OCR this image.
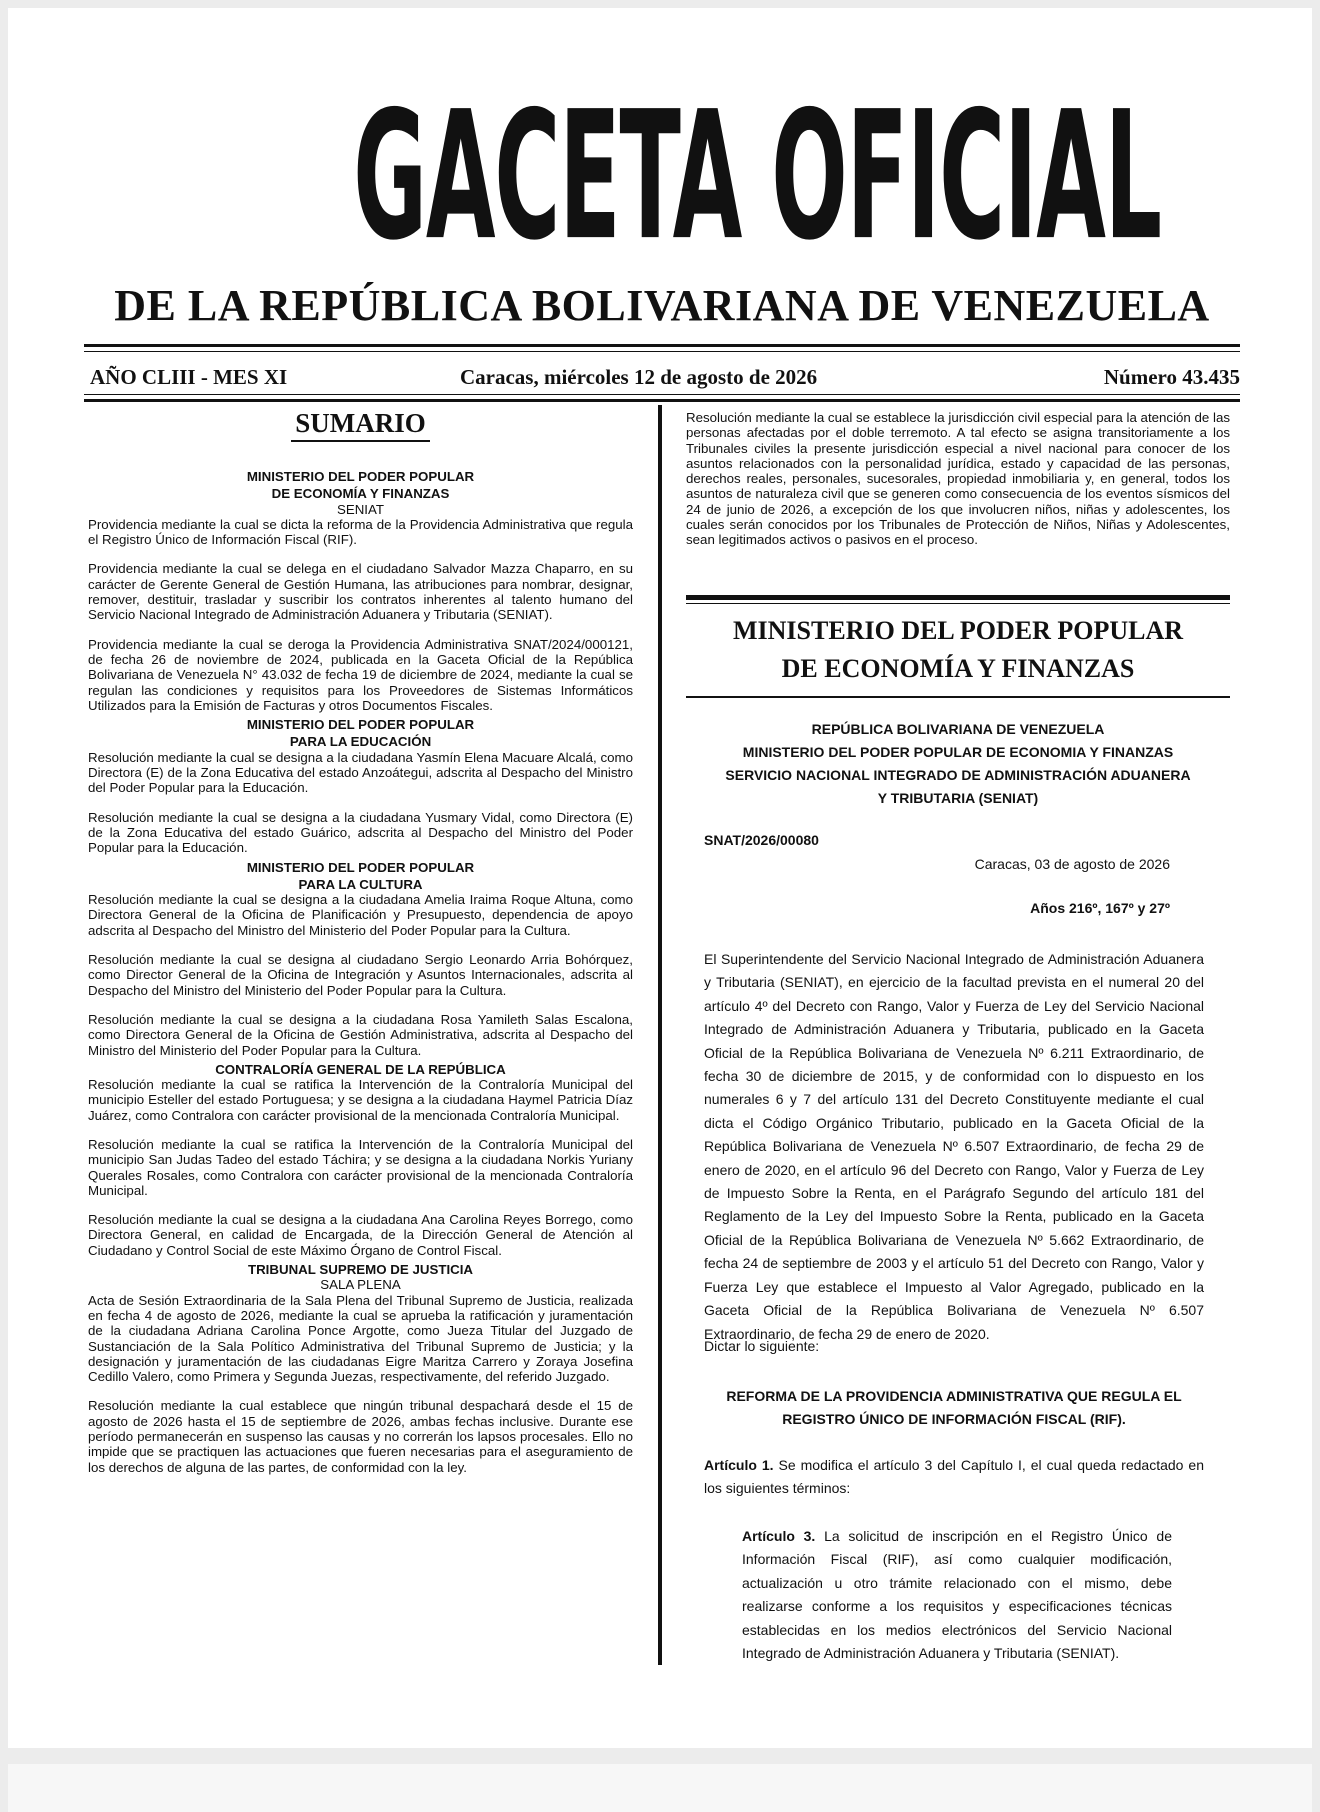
GACETA OFICIAL
DE LA REPÚBLICA BOLIVARIANA DE VENEZUELA
AÑO CLIII - MES XI	Caracas, miércoles 12 de agosto de 2026	Número 43.435
SUMARIO
MINISTERIO DEL PODER POPULAR
DE ECONOMÍA Y FINANZAS
SENIAT

Providencia mediante la cual se dicta la reforma de la Providencia Administrativa que regula el Registro Único de Información Fiscal (RIF).

Providencia mediante la cual se delega en el ciudadano Salvador Mazza Chaparro, en su carácter de Gerente General de Gestión Humana, las atribuciones para nombrar, designar, remover, destituir, trasladar y suscribir los contratos inherentes al talento humano del Servicio Nacional Integrado de Administración Aduanera y Tributaria (SENIAT).

Providencia mediante la cual se deroga la Providencia Administrativa SNAT/2024/000121, de fecha 26 de noviembre de 2024, publicada en la Gaceta Oficial de la República Bolivariana de Venezuela N° 43.032 de fecha 19 de diciembre de 2024, mediante la cual se regulan las condiciones y requisitos para los Proveedores de Sistemas Informáticos Utilizados para la Emisión de Facturas y otros Documentos Fiscales.

MINISTERIO DEL PODER POPULAR
PARA LA EDUCACIÓN

Resolución mediante la cual se designa a la ciudadana Yasmín Elena Macuare Alcalá, como Directora (E) de la Zona Educativa del estado Anzoátegui, adscrita al Despacho del Ministro del Poder Popular para la Educación.

Resolución mediante la cual se designa a la ciudadana Yusmary Vidal, como Directora (E) de la Zona Educativa del estado Guárico, adscrita al Despacho del Ministro del Poder Popular para la Educación.

MINISTERIO DEL PODER POPULAR
PARA LA CULTURA

Resolución mediante la cual se designa a la ciudadana Amelia Iraima Roque Altuna, como Directora General de la Oficina de Planificación y Presupuesto, dependencia de apoyo adscrita al Despacho del Ministro del Ministerio del Poder Popular para la Cultura.

Resolución mediante la cual se designa al ciudadano Sergio Leonardo Arria Bohórquez, como Director General de la Oficina de Integración y Asuntos Internacionales, adscrita al Despacho del Ministro del Ministerio del Poder Popular para la Cultura.

Resolución mediante la cual se designa a la ciudadana Rosa Yamileth Salas Escalona, como Directora General de la Oficina de Gestión Administrativa, adscrita al Despacho del Ministro del Ministerio del Poder Popular para la Cultura.

CONTRALORÍA GENERAL DE LA REPÚBLICA

Resolución mediante la cual se ratifica la Intervención de la Contraloría Municipal del municipio Esteller del estado Portuguesa; y se designa a la ciudadana Haymel Patricia Díaz Juárez, como Contralora con carácter provisional de la mencionada Contraloría Municipal.

Resolución mediante la cual se ratifica la Intervención de la Contraloría Municipal del municipio San Judas Tadeo del estado Táchira; y se designa a la ciudadana Norkis Yuriany Querales Rosales, como Contralora con carácter provisional de la mencionada Contraloría Municipal.

Resolución mediante la cual se designa a la ciudadana Ana Carolina Reyes Borrego, como Directora General, en calidad de Encargada, de la Dirección General de Atención al Ciudadano y Control Social de este Máximo Órgano de Control Fiscal.

TRIBUNAL SUPREMO DE JUSTICIA
SALA PLENA

Acta de Sesión Extraordinaria de la Sala Plena del Tribunal Supremo de Justicia, realizada en fecha 4 de agosto de 2026, mediante la cual se aprueba la ratificación y juramentación de la ciudadana Adriana Carolina Ponce Argotte, como Jueza Titular del Juzgado de Sustanciación de la Sala Político Administrativa del Tribunal Supremo de Justicia; y la designación y juramentación de las ciudadanas Eigre Maritza Carrero y Zoraya Josefina Cedillo Valero, como Primera y Segunda Juezas, respectivamente, del referido Juzgado.

Resolución mediante la cual establece que ningún tribunal despachará desde el 15 de agosto de 2026 hasta el 15 de septiembre de 2026, ambas fechas inclusive. Durante ese período permanecerán en suspenso las causas y no correrán los lapsos procesales. Ello no impide que se practiquen las actuaciones que fueren necesarias para el aseguramiento de los derechos de alguna de las partes, de conformidad con la ley.

Resolución mediante la cual se establece la jurisdicción civil especial para la atención de las personas afectadas por el doble terremoto. A tal efecto se asigna transitoriamente a los Tribunales civiles la presente jurisdicción especial a nivel nacional para conocer de los asuntos relacionados con la personalidad jurídica, estado y capacidad de las personas, derechos reales, personales, sucesorales, propiedad inmobiliaria y, en general, todos los asuntos de naturaleza civil que se generen como consecuencia de los eventos sísmicos del 24 de junio de 2026, a excepción de los que involucren niños, niñas y adolescentes, los cuales serán conocidos por los Tribunales de Protección de Niños, Niñas y Adolescentes, sean legitimados activos o pasivos en el proceso.

MINISTERIO DEL PODER POPULAR
DE ECONOMÍA Y FINANZAS
REPÚBLICA BOLIVARIANA DE VENEZUELA
MINISTERIO DEL PODER POPULAR DE ECONOMIA Y FINANZAS
SERVICIO NACIONAL INTEGRADO DE ADMINISTRACIÓN ADUANERA
Y TRIBUTARIA (SENIAT)
SNAT/2026/00080
Caracas, 03 de agosto de 2026
Años 216º, 167º y 27º

El Superintendente del Servicio Nacional Integrado de Administración Aduanera y Tributaria (SENIAT), en ejercicio de la facultad prevista en el numeral 20 del artículo 4º del Decreto con Rango, Valor y Fuerza de Ley del Servicio Nacional Integrado de Administración Aduanera y Tributaria, publicado en la Gaceta Oficial de la República Bolivariana de Venezuela Nº 6.211 Extraordinario, de fecha 30 de diciembre de 2015, y de conformidad con lo dispuesto en los numerales 6 y 7 del artículo 131 del Decreto Constituyente mediante el cual dicta el Código Orgánico Tributario, publicado en la Gaceta Oficial de la República Bolivariana de Venezuela Nº 6.507 Extraordinario, de fecha 29 de enero de 2020, en el artículo 96 del Decreto con Rango, Valor y Fuerza de Ley de Impuesto Sobre la Renta, en el Parágrafo Segundo del artículo 181 del Reglamento de la Ley del Impuesto Sobre la Renta, publicado en la Gaceta Oficial de la República Bolivariana de Venezuela Nº 5.662 Extraordinario, de fecha 24 de septiembre de 2003 y el artículo 51 del Decreto con Rango, Valor y Fuerza Ley que establece el Impuesto al Valor Agregado, publicado en la Gaceta Oficial de la República Bolivariana de Venezuela Nº 6.507 Extraordinario, de fecha 29 de enero de 2020.

Dictar lo siguiente:
REFORMA DE LA PROVIDENCIA ADMINISTRATIVA QUE REGULA EL
REGISTRO ÚNICO DE INFORMACIÓN FISCAL (RIF).

Artículo 1. Se modifica el artículo 3 del Capítulo I, el cual queda redactado en los siguientes términos:

Artículo 3. La solicitud de inscripción en el Registro Único de Información Fiscal (RIF), así como cualquier modificación, actualización u otro trámite relacionado con el mismo, debe realizarse conforme a los requisitos y especificaciones técnicas establecidas en los medios electrónicos del Servicio Nacional Integrado de Administración Aduanera y Tributaria (SENIAT).
